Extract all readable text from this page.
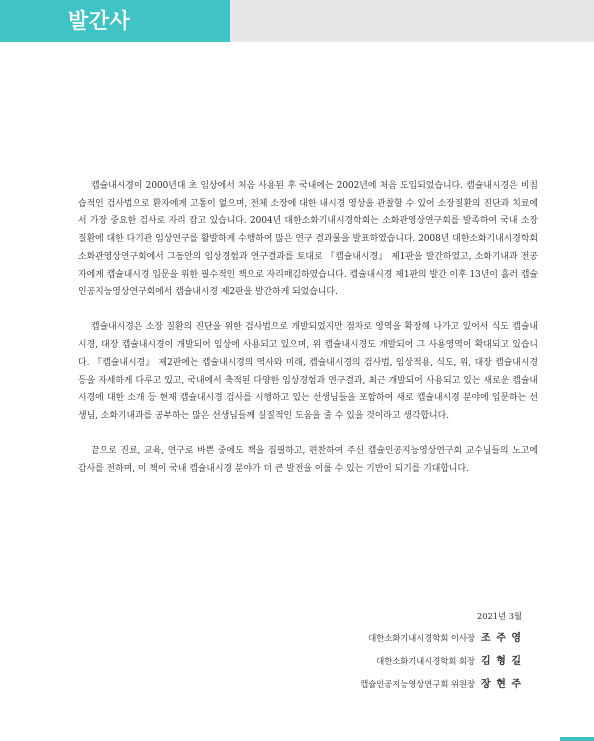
발간사

캡슐내시경이 2000년대 초 임상에서 처음 사용된 후 국내에는 2002년에 처음 도입되었습니다. 캡슐내시경은 비침습적인 검사법으로 환자에게 고통이 없으며, 전체 소장에 대한 내시경 영상을 관찰할 수 있어 소장질환의 진단과 치료에서 가장 중요한 검사로 자리 잡고 있습니다. 2004년 대한소화기내시경학회는 소화관영상연구회를 발족하여 국내 소장질환에 대한 다기관 임상연구를 활발하게 수행하여 많은 연구 결과물을 발표하였습니다. 2008년 대한소화기내시경학회 소화관영상연구회에서 그동안의 임상경험과 연구결과를 토대로 『캡슐내시경』 제1판을 발간하였고, 소화기내과 전공자에게 캡슐내시경 입문을 위한 필수적인 책으로 자리매김하였습니다. 캡슐내시경 제1판의 발간 이후 13년이 흘러 캡슐인공지능영상연구회에서 캡슐내시경 제2판을 발간하게 되었습니다.

캡슐내시경은 소장 질환의 진단을 위한 검사법으로 개발되었지만 점차로 영역을 확장해 나가고 있어서 식도 캡슐내시경, 대장 캡슐내시경이 개발되어 임상에 사용되고 있으며, 위 캡슐내시경도 개발되어 그 사용영역이 확대되고 있습니다. 『캡슐내시경』 제2판에는 캡슐내시경의 역사와 미래, 캡슐내시경의 검사법, 임상적용, 식도, 위, 대장 캡슐내시경 등을 자세하게 다루고 있고, 국내에서 축적된 다양한 임상경험과 연구결과, 최근 개발되어 사용되고 있는 새로운 캡슐내시경에 대한 소개 등 현재 캡슐내시경 검사를 시행하고 있는 선생님들을 포함하여 새로 캡슐내시경 분야에 입문하는 선생님, 소화기내과를 공부하는 많은 선생님들께 실질적인 도움을 줄 수 있을 것이라고 생각합니다.

끝으로 진료, 교육, 연구로 바쁜 중에도 책을 집필하고, 편찬하여 주신 캡슐인공지능영상연구회 교수님들의 노고에 감사를 전하며, 이 책이 국내 캡슐내시경 분야가 더 큰 발전을 이룰 수 있는 기반이 되기를 기대합니다.

2021년 3월
대한소화기내시경학회 이사장 조 주 영
대한소화기내시경학회 회장 김 형 길
캡슐인공지능영상연구회 위원장 장 현 주
